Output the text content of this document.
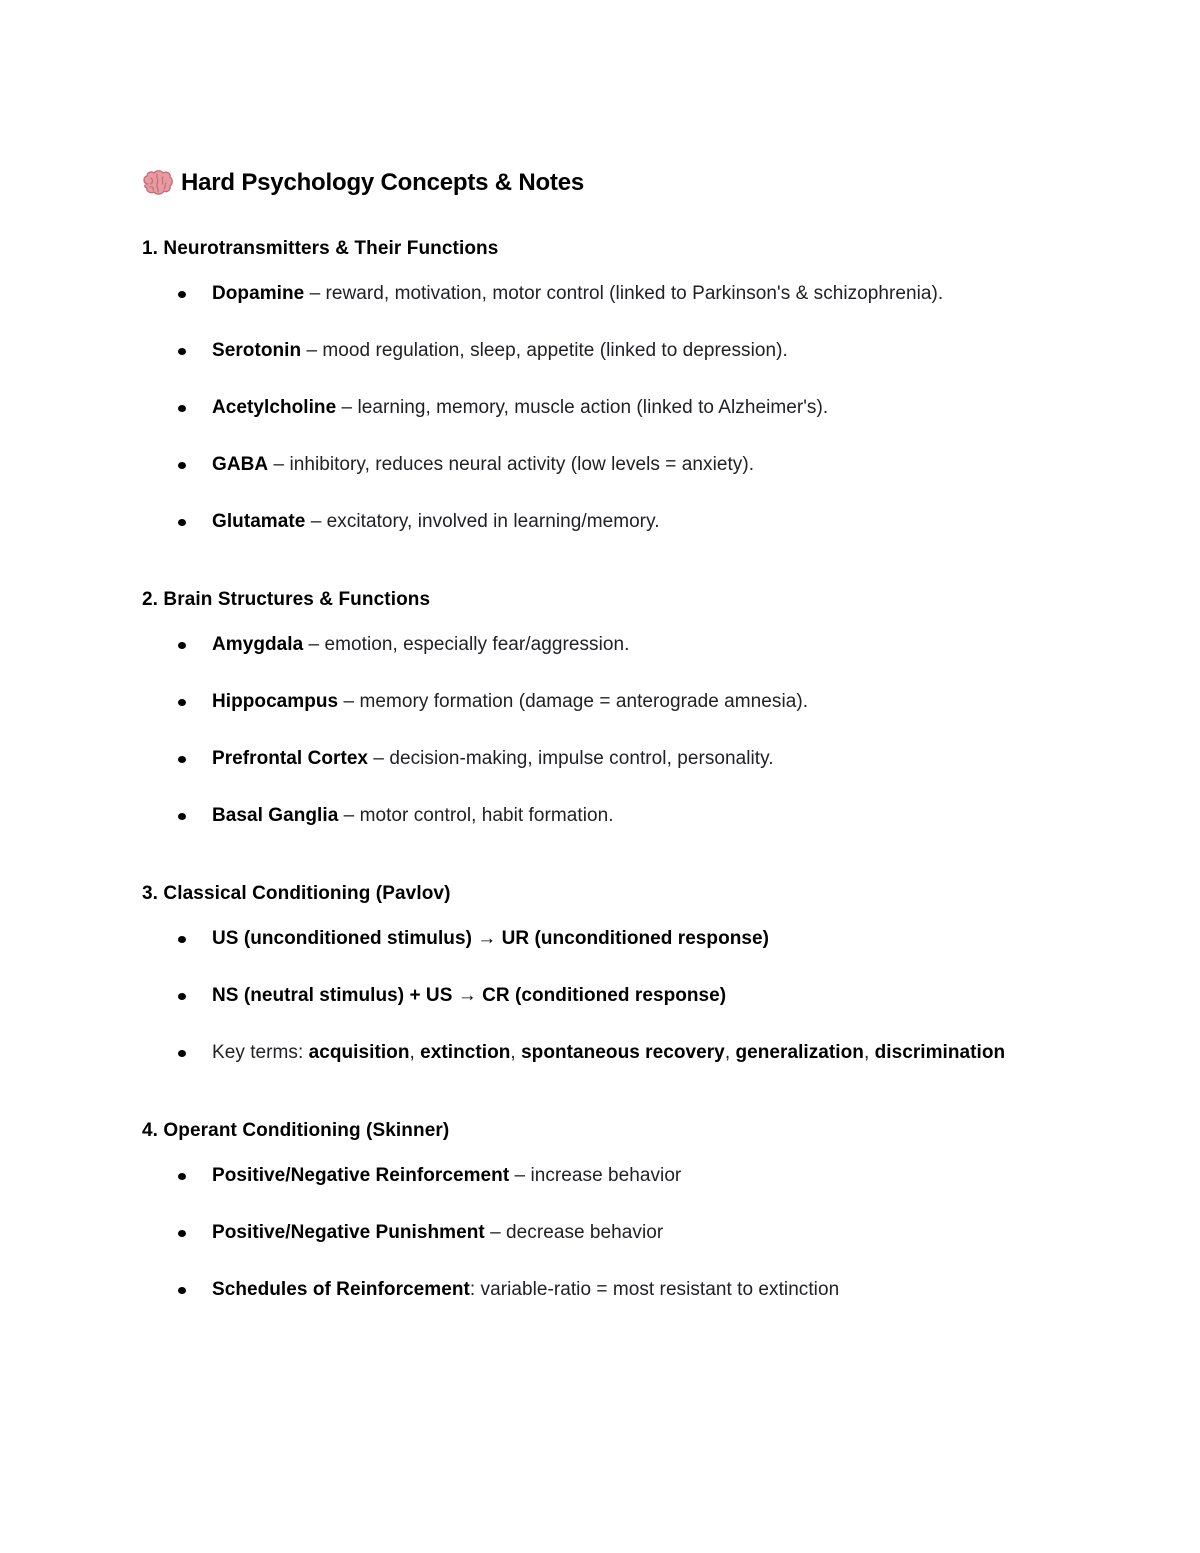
Hard Psychology Concepts & Notes
1. Neurotransmitters & Their Functions
Dopamine – reward, motivation, motor control (linked to Parkinson's & schizophrenia).
Serotonin – mood regulation, sleep, appetite (linked to depression).
Acetylcholine – learning, memory, muscle action (linked to Alzheimer's).
GABA – inhibitory, reduces neural activity (low levels = anxiety).
Glutamate – excitatory, involved in learning/memory.
2. Brain Structures & Functions
Amygdala – emotion, especially fear/aggression.
Hippocampus – memory formation (damage = anterograde amnesia).
Prefrontal Cortex – decision-making, impulse control, personality.
Basal Ganglia – motor control, habit formation.
3. Classical Conditioning (Pavlov)
US (unconditioned stimulus) → UR (unconditioned response)
NS (neutral stimulus) + US → CR (conditioned response)
Key terms: acquisition, extinction, spontaneous recovery, generalization, discrimination
4. Operant Conditioning (Skinner)
Positive/Negative Reinforcement – increase behavior
Positive/Negative Punishment – decrease behavior
Schedules of Reinforcement: variable-ratio = most resistant to extinction
